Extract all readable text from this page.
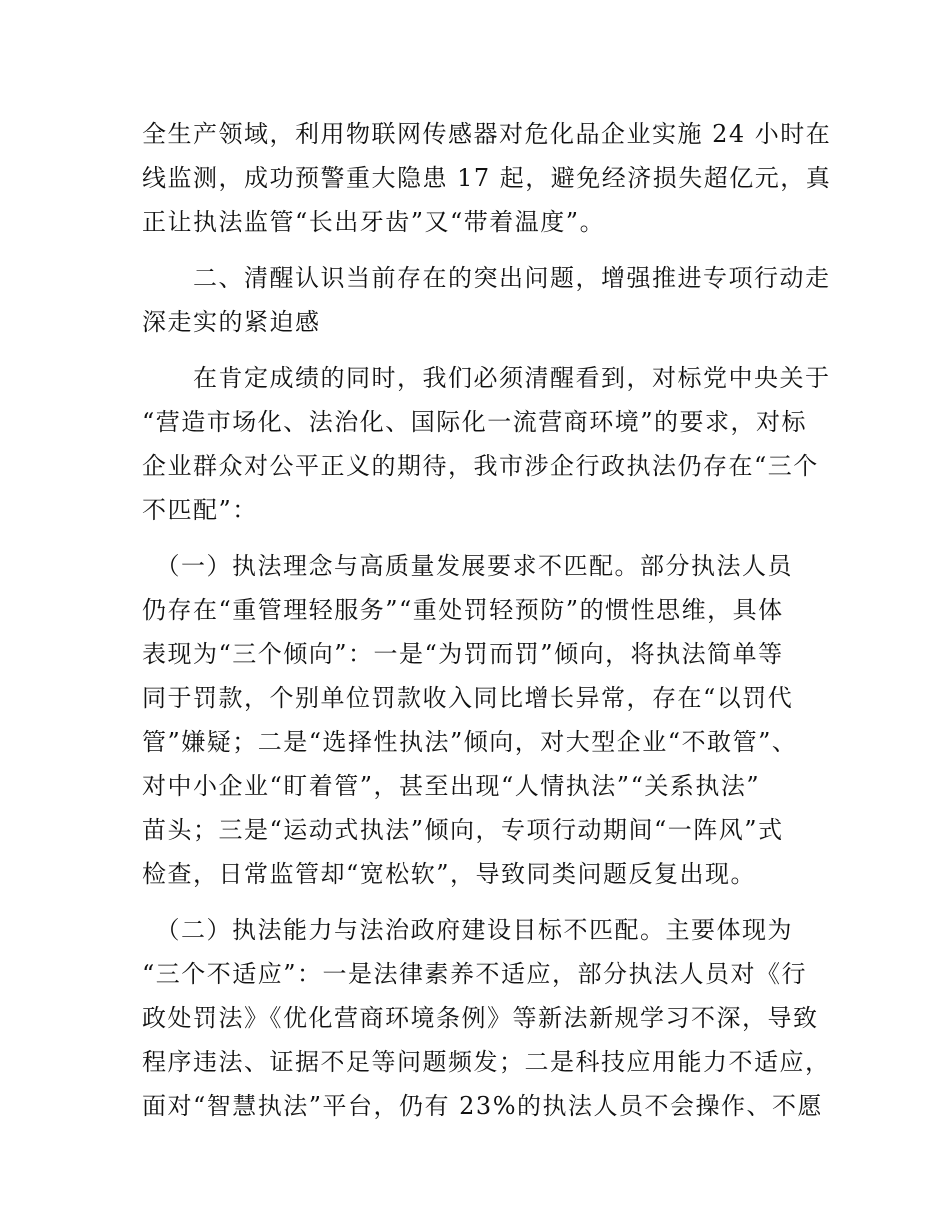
全生产领域，利用物联网传感器对危化品企业实施 24 小时在
线监测，成功预警重大隐患 17 起，避免经济损失超亿元，真
正让执法监管“长出牙齿”又“带着温度”。
　　二、清醒认识当前存在的突出问题，增强推进专项行动走
深走实的紧迫感
　　在肯定成绩的同时，我们必须清醒看到，对标党中央关于
“营造市场化、法治化、国际化一流营商环境”的要求，对标
企业群众对公平正义的期待，我市涉企行政执法仍存在“三个
不匹配”：
　（一）执法理念与高质量发展要求不匹配。部分执法人员
仍存在“重管理轻服务”“重处罚轻预防”的惯性思维，具体
表现为“三个倾向”：一是“为罚而罚”倾向，将执法简单等
同于罚款，个别单位罚款收入同比增长异常，存在“以罚代
管”嫌疑；二是“选择性执法”倾向，对大型企业“不敢管”、
对中小企业“盯着管”，甚至出现“人情执法”“关系执法”
苗头；三是“运动式执法”倾向，专项行动期间“一阵风”式
检查，日常监管却“宽松软”，导致同类问题反复出现。
　（二）执法能力与法治政府建设目标不匹配。主要体现为
“三个不适应”：一是法律素养不适应，部分执法人员对《行
政处罚法》《优化营商环境条例》等新法新规学习不深，导致
程序违法、证据不足等问题频发；二是科技应用能力不适应，
面对“智慧执法”平台，仍有 23%的执法人员不会操作、不愿
